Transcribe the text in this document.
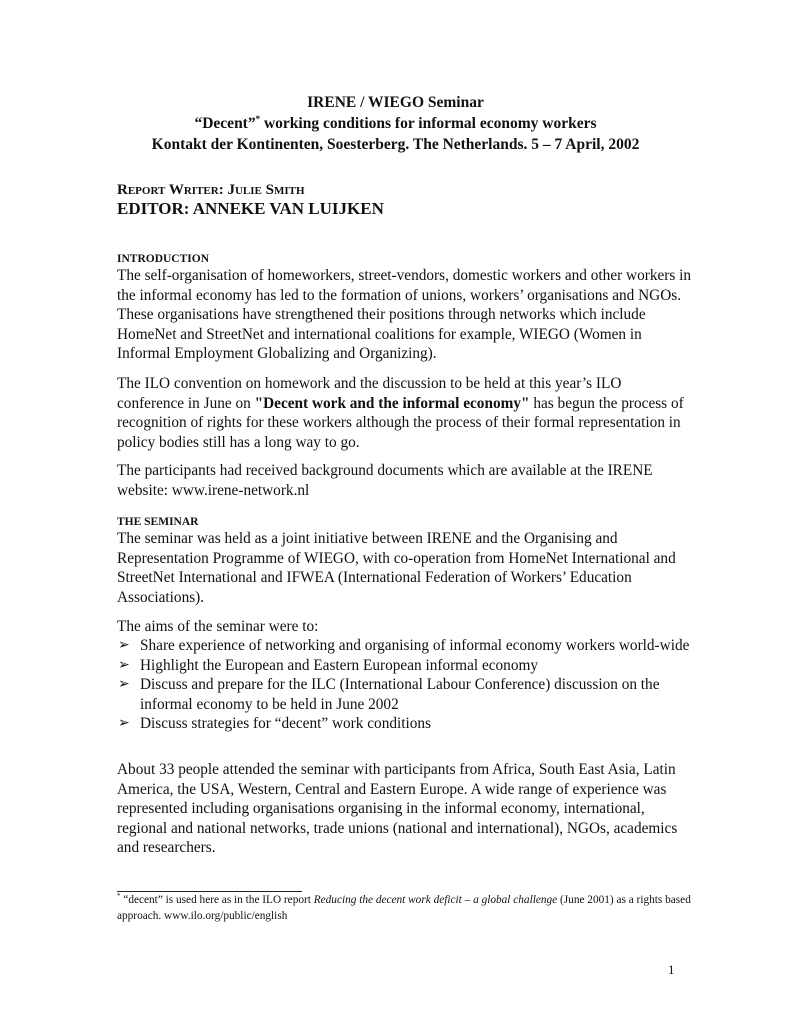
IRENE / WIEGO Seminar
“Decent”* working conditions for informal economy workers
Kontakt der Kontinenten, Soesterberg. The Netherlands. 5 – 7 April, 2002
REPORT WRITER: JULIE SMITH
EDITOR: ANNEKE VAN LUIJKEN
INTRODUCTION
The self-organisation of homeworkers, street-vendors, domestic workers and other workers in the informal economy has led to the formation of unions, workers’ organisations and NGOs. These organisations have strengthened their positions through networks which include HomeNet and StreetNet and international coalitions for example, WIEGO (Women in Informal Employment Globalizing and Organizing).
The ILO convention on homework and the discussion to be held at this year’s ILO conference in June on "Decent work and the informal economy" has begun the process of recognition of rights for these workers although the process of their formal representation in policy bodies still has a long way to go.
The participants had received background documents which are available at the IRENE website: www.irene-network.nl
THE SEMINAR
The seminar was held as a joint initiative between IRENE and the Organising and Representation Programme of WIEGO, with co-operation from HomeNet International and StreetNet International and IFWEA (International Federation of Workers’ Education Associations).
The aims of the seminar were to:
➢ Share experience of networking and organising of informal economy workers world-wide
➢ Highlight the European and Eastern European informal economy
➢ Discuss and prepare for the ILC (International Labour Conference) discussion on the informal economy to be held in June 2002
➢ Discuss strategies for “decent” work conditions
About 33 people attended the seminar with participants from Africa, South East Asia, Latin America, the USA, Western, Central and Eastern Europe. A wide range of experience was represented including organisations organising in the informal economy, international, regional and national networks, trade unions (national and international), NGOs, academics and researchers.
* “decent” is used here as in the ILO report Reducing the decent work deficit – a global challenge (June 2001) as a rights based approach. www.ilo.org/public/english
1
